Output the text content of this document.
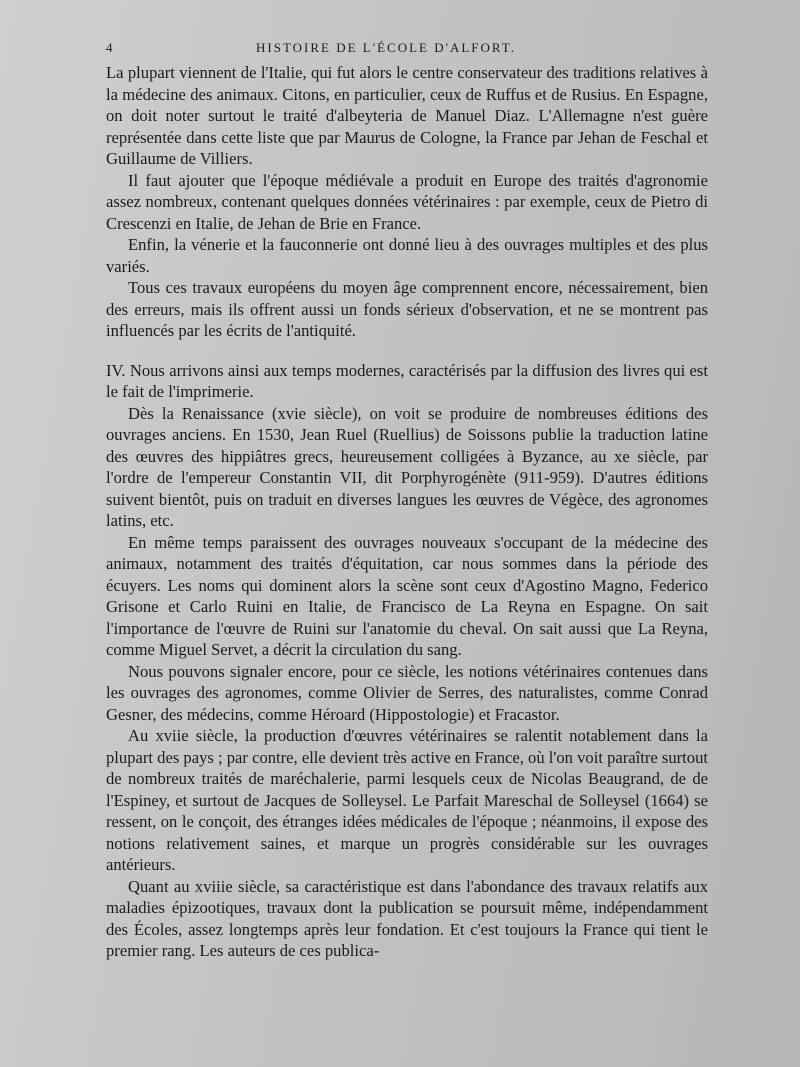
4	HISTOIRE DE L'ÉCOLE D'ALFORT.

La plupart viennent de l'Italie, qui fut alors le centre conservateur des traditions relatives à la médecine des animaux. Citons, en particulier, ceux de Ruffus et de Rusius. En Espagne, on doit noter surtout le traité d'albeyteria de Manuel Diaz. L'Allemagne n'est guère représentée dans cette liste que par Maurus de Cologne, la France par Jehan de Feschal et Guillaume de Villiers.

Il faut ajouter que l'époque médiévale a produit en Europe des traités d'agronomie assez nombreux, contenant quelques données vétérinaires : par exemple, ceux de Pietro di Crescenzi en Italie, de Jehan de Brie en France.

Enfin, la vénerie et la fauconnerie ont donné lieu à des ouvrages multiples et des plus variés.

Tous ces travaux européens du moyen âge comprennent encore, nécessairement, bien des erreurs, mais ils offrent aussi un fonds sérieux d'observation, et ne se montrent pas influencés par les écrits de l'antiquité.

IV. Nous arrivons ainsi aux temps modernes, caractérisés par la diffusion des livres qui est le fait de l'imprimerie.

Dès la Renaissance (xvie siècle), on voit se produire de nombreuses éditions des ouvrages anciens. En 1530, Jean Ruel (Ruellius) de Soissons publie la traduction latine des œuvres des hippiâtres grecs, heureusement colligées à Byzance, au xe siècle, par l'ordre de l'empereur Constantin VII, dit Porphyrogénète (911-959). D'autres éditions suivent bientôt, puis on traduit en diverses langues les œuvres de Végèce, des agronomes latins, etc.

En même temps paraissent des ouvrages nouveaux s'occupant de la médecine des animaux, notamment des traités d'équitation, car nous sommes dans la période des écuyers. Les noms qui dominent alors la scène sont ceux d'Agostino Magno, Federico Grisone et Carlo Ruini en Italie, de Francisco de La Reyna en Espagne. On sait l'importance de l'œuvre de Ruini sur l'anatomie du cheval. On sait aussi que La Reyna, comme Miguel Servet, a décrit la circulation du sang.

Nous pouvons signaler encore, pour ce siècle, les notions vétérinaires contenues dans les ouvrages des agronomes, comme Olivier de Serres, des naturalistes, comme Conrad Gesner, des médecins, comme Héroard (Hippostologie) et Fracastor.

Au xviie siècle, la production d'œuvres vétérinaires se ralentit notablement dans la plupart des pays ; par contre, elle devient très active en France, où l'on voit paraître surtout de nombreux traités de maréchalerie, parmi lesquels ceux de Nicolas Beaugrand, de de l'Espiney, et surtout de Jacques de Solleysel. Le Parfait Mareschal de Solleysel (1664) se ressent, on le conçoit, des étranges idées médicales de l'époque ; néanmoins, il expose des notions relativement saines, et marque un progrès considérable sur les ouvrages antérieurs.

Quant au xviiie siècle, sa caractéristique est dans l'abondance des travaux relatifs aux maladies épizootiques, travaux dont la publication se poursuit même, indépendamment des Écoles, assez longtemps après leur fondation. Et c'est toujours la France qui tient le premier rang. Les auteurs de ces publica-
